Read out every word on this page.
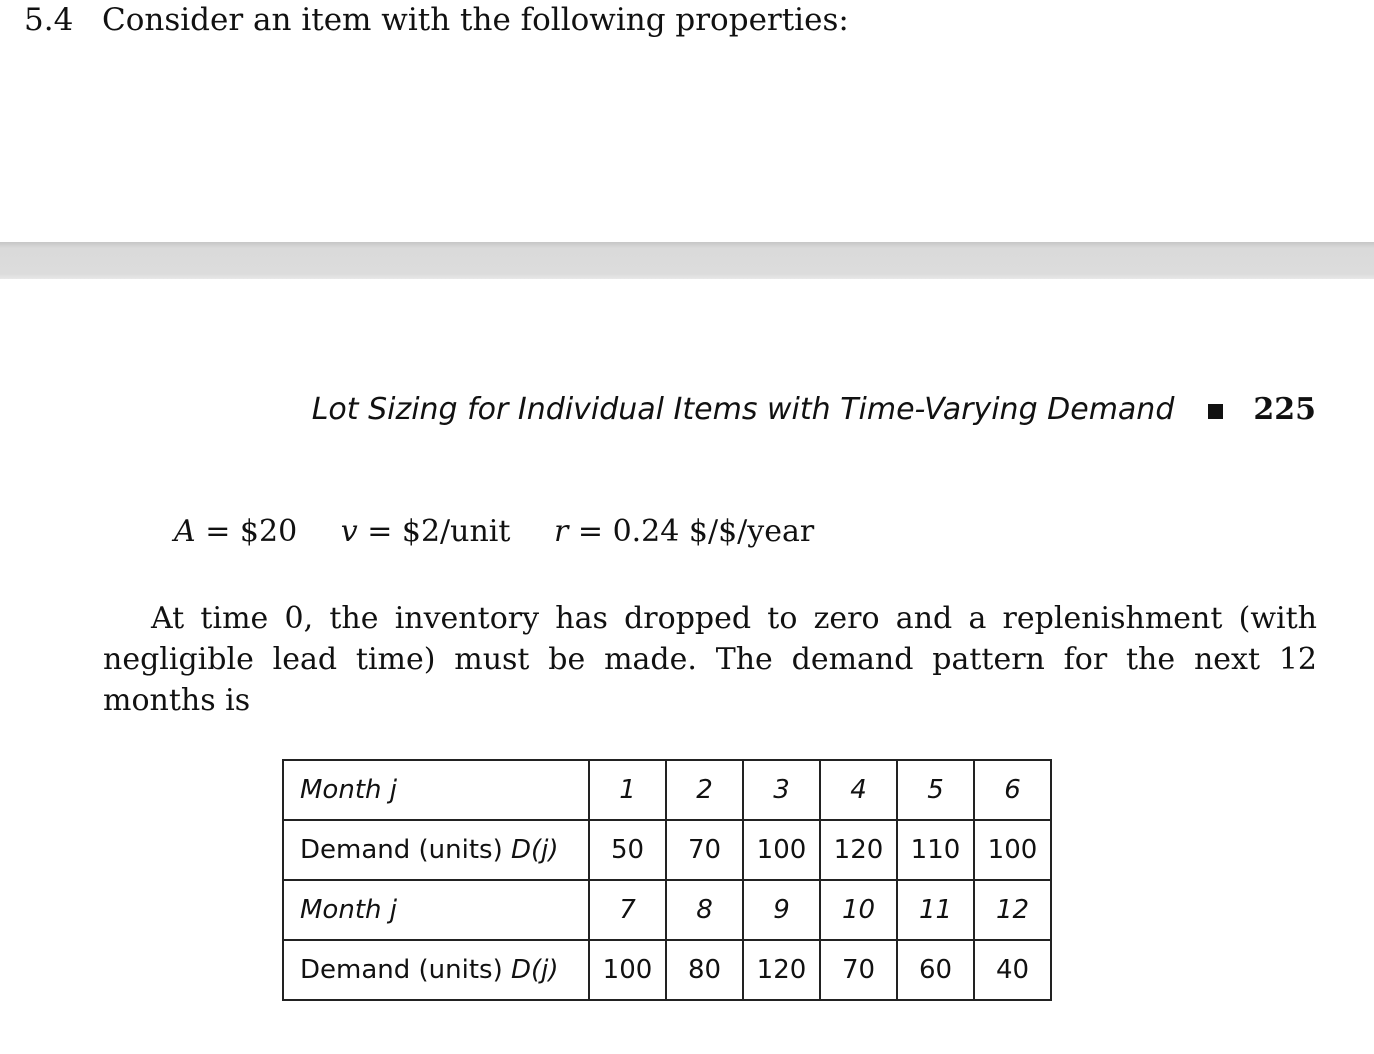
5.4 Consider an item with the following properties:
Lot Sizing for Individual Items with Time-Varying Demand	225
A = $20 v = $2/unit r = 0.24 $/$/year

At time 0, the inventory has dropped to zero and a replenishment (with negligible lead time) must be made. The demand pattern for the next 12 months is

Month j	1	2	3	4	5	6
Demand (units) D(j)	50	70	100	120	110	100
Month j	7	8	9	10	11	12
Demand (units) D(j)	100	80	120	70	60	40
